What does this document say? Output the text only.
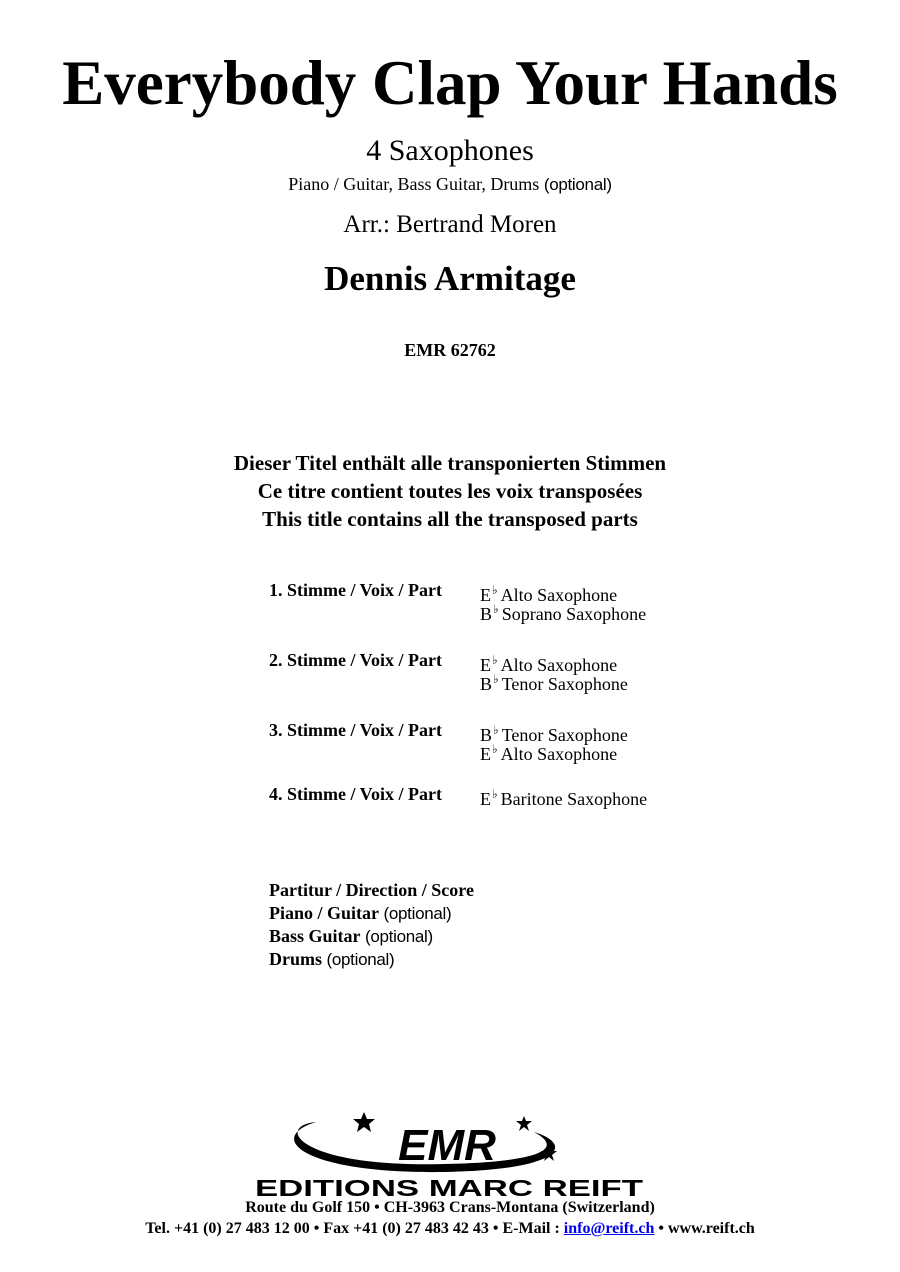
Everybody Clap Your Hands
4 Saxophones
Piano / Guitar, Bass Guitar, Drums (optional)
Arr.: Bertrand Moren
Dennis Armitage
EMR 62762
Dieser Titel enthält alle transponierten Stimmen
Ce titre contient toutes les voix transposées
This title contains all the transposed parts
1. Stimme / Voix / Part E♭ Alto Saxophone
B♭ Soprano Saxophone
2. Stimme / Voix / Part E♭ Alto Saxophone
B♭ Tenor Saxophone
3. Stimme / Voix / Part B♭ Tenor Saxophone
E♭ Alto Saxophone
4. Stimme / Voix / Part E♭ Baritone Saxophone
Partitur / Direction / Score
Piano / Guitar (optional)
Bass Guitar (optional)
Drums (optional)
EMR
EDITIONS MARC REIFT
Route du Golf 150 • CH-3963 Crans-Montana (Switzerland)
Tel. +41 (0) 27 483 12 00 • Fax +41 (0) 27 483 42 43 • E-Mail : info@reift.ch • www.reift.ch
